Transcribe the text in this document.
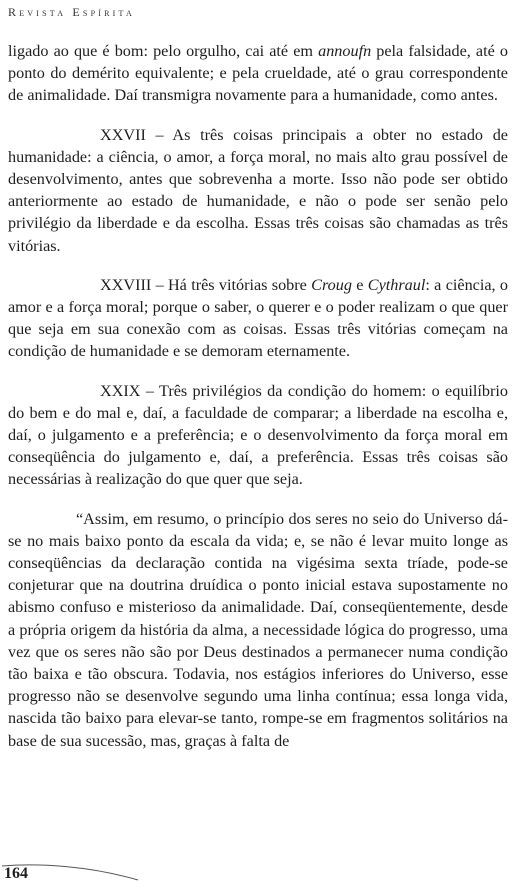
Revista Espírita

ligado ao que é bom: pelo orgulho, cai até em annoufn pela falsidade, até o ponto do demérito equivalente; e pela crueldade, até o grau correspondente de animalidade. Daí transmigra novamente para a humanidade, como antes.

XXVII – As três coisas principais a obter no estado de humanidade: a ciência, o amor, a força moral, no mais alto grau possível de desenvolvimento, antes que sobrevenha a morte. Isso não pode ser obtido anteriormente ao estado de humanidade, e não o pode ser senão pelo privilégio da liberdade e da escolha. Essas três coisas são chamadas as três vitórias.

XXVIII – Há três vitórias sobre Croug e Cythraul: a ciência, o amor e a força moral; porque o saber, o querer e o poder realizam o que quer que seja em sua conexão com as coisas. Essas três vitórias começam na condição de humanidade e se demoram eternamente.

XXIX – Três privilégios da condição do homem: o equilíbrio do bem e do mal e, daí, a faculdade de comparar; a liberdade na escolha e, daí, o julgamento e a preferência; e o desenvolvimento da força moral em conseqüência do julgamento e, daí, a preferência. Essas três coisas são necessárias à realização do que quer que seja.

“Assim, em resumo, o princípio dos seres no seio do Universo dá-se no mais baixo ponto da escala da vida; e, se não é levar muito longe as conseqüências da declaração contida na vigésima sexta tríade, pode-se conjeturar que na doutrina druídica o ponto inicial estava supostamente no abismo confuso e misterioso da animalidade. Daí, conseqüentemente, desde a própria origem da história da alma, a necessidade lógica do progresso, uma vez que os seres não são por Deus destinados a permanecer numa condição tão baixa e tão obscura. Todavia, nos estágios inferiores do Universo, esse progresso não se desenvolve segundo uma linha contínua; essa longa vida, nascida tão baixo para elevar-se tanto, rompe-se em fragmentos solitários na base de sua sucessão, mas, graças à falta de

164
